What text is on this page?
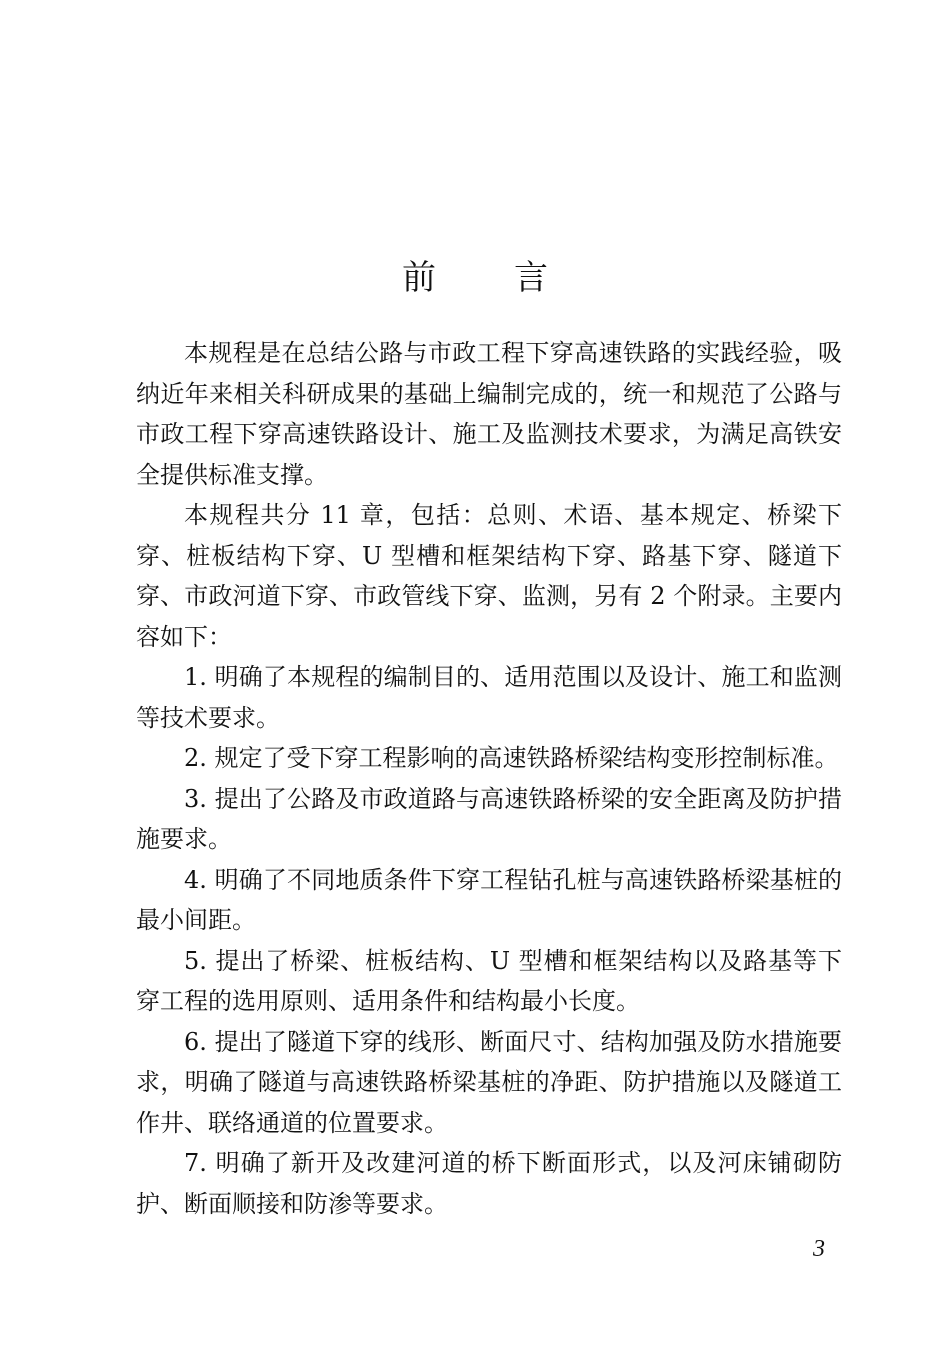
前 言

本规程是在总结公路与市政工程下穿高速铁路的实践经验，吸纳近年来相关科研成果的基础上编制完成的，统一和规范了公路与市政工程下穿高速铁路设计、施工及监测技术要求，为满足高铁安全提供标准支撑。

本规程共分 11 章，包括：总则、术语、基本规定、桥梁下穿、桩板结构下穿、U 型槽和框架结构下穿、路基下穿、隧道下穿、市政河道下穿、市政管线下穿、监测，另有 2 个附录。主要内容如下：

1. 明确了本规程的编制目的、适用范围以及设计、施工和监测等技术要求。

2. 规定了受下穿工程影响的高速铁路桥梁结构变形控制标准。

3. 提出了公路及市政道路与高速铁路桥梁的安全距离及防护措施要求。

4. 明确了不同地质条件下穿工程钻孔桩与高速铁路桥梁基桩的最小间距。

5. 提出了桥梁、桩板结构、U 型槽和框架结构以及路基等下穿工程的选用原则、适用条件和结构最小长度。

6. 提出了隧道下穿的线形、断面尺寸、结构加强及防水措施要求，明确了隧道与高速铁路桥梁基桩的净距、防护措施以及隧道工作井、联络通道的位置要求。

7. 明确了新开及改建河道的桥下断面形式，以及河床铺砌防护、断面顺接和防渗等要求。

3
